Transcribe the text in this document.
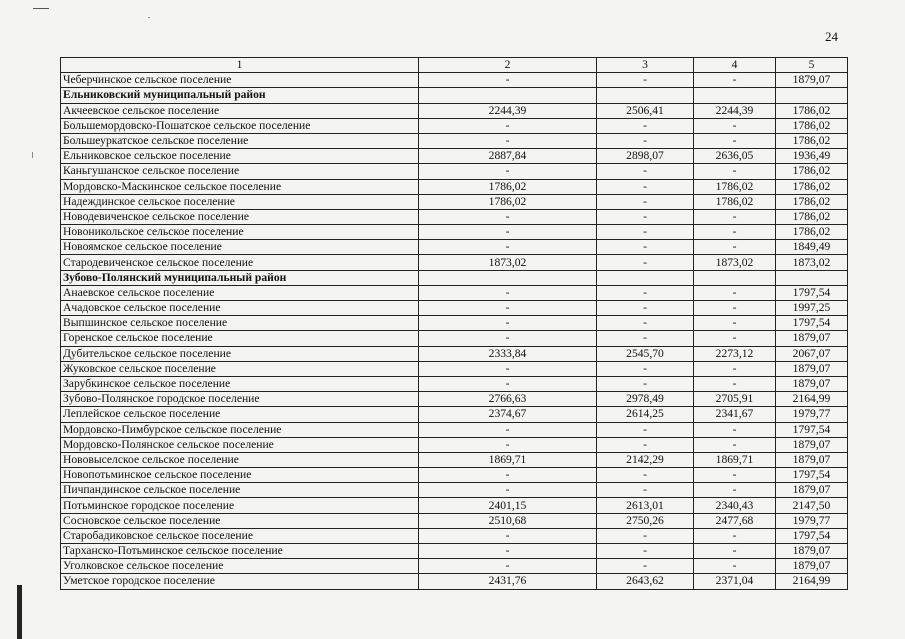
24
1	2	3	4	5
Чеберчинское сельское поселение	-	-	-	1879,07
Ельниковский муниципальный район				
Акчеевское сельское поселение	2244,39	2506,41	2244,39	1786,02
Большемордовско-Пошатское сельское поселение	-	-	-	1786,02
Большеуркатское сельское поселение	-	-	-	1786,02
Ельниковское сельское поселение	2887,84	2898,07	2636,05	1936,49
Каньгушанское сельское поселение	-	-	-	1786,02
Мордовско-Маскинское сельское поселение	1786,02	-	1786,02	1786,02
Надеждинское сельское поселение	1786,02	-	1786,02	1786,02
Новодевиченское сельское поселение	-	-	-	1786,02
Новоникольское сельское поселение	-	-	-	1786,02
Новоямское сельское поселение	-	-	-	1849,49
Стародевиченское сельское поселение	1873,02	-	1873,02	1873,02
Зубово-Полянский муниципальный район				
Анаевское сельское поселение	-	-	-	1797,54
Ачадовское сельское поселение	-	-	-	1997,25
Выпшинское сельское поселение	-	-	-	1797,54
Горенское сельское поселение	-	-	-	1879,07
Дубительское сельское поселение	2333,84	2545,70	2273,12	2067,07
Жуковское сельское поселение	-	-	-	1879,07
Зарубкинское сельское поселение	-	-	-	1879,07
Зубово-Полянское городское поселение	2766,63	2978,49	2705,91	2164,99
Леплейское сельское поселение	2374,67	2614,25	2341,67	1979,77
Мордовско-Пимбурское сельское поселение	-	-	-	1797,54
Мордовско-Полянское сельское поселение	-	-	-	1879,07
Нововыселское сельское поселение	1869,71	2142,29	1869,71	1879,07
Новопотьминское сельское поселение	-	-	-	1797,54
Пичпандинское сельское поселение	-	-	-	1879,07
Потьминское городское поселение	2401,15	2613,01	2340,43	2147,50
Сосновское сельское поселение	2510,68	2750,26	2477,68	1979,77
Старобадиковское сельское поселение	-	-	-	1797,54
Тарханско-Потьминское сельское поселение	-	-	-	1879,07
Уголковское сельское поселение	-	-	-	1879,07
Уметское городское поселение	2431,76	2643,62	2371,04	2164,99
